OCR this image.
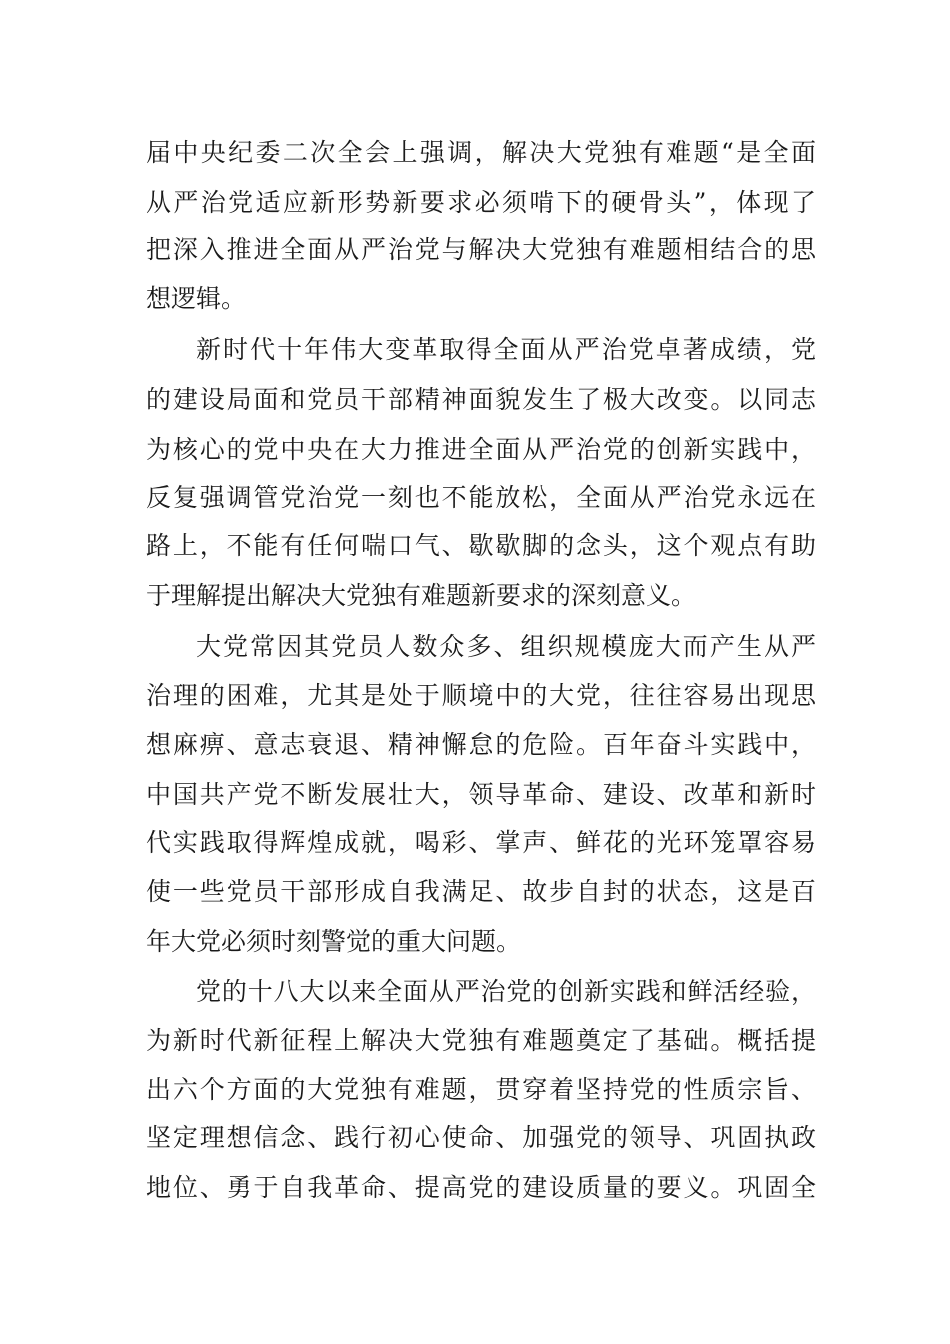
届中央纪委二次全会上强调，解决大党独有难题“是全面
从严治党适应新形势新要求必须啃下的硬骨头”，体现了
把深入推进全面从严治党与解决大党独有难题相结合的思
想逻辑。
新时代十年伟大变革取得全面从严治党卓著成绩，党
的建设局面和党员干部精神面貌发生了极大改变。以同志
为核心的党中央在大力推进全面从严治党的创新实践中，
反复强调管党治党一刻也不能放松，全面从严治党永远在
路上，不能有任何喘口气、歇歇脚的念头，这个观点有助
于理解提出解决大党独有难题新要求的深刻意义。
大党常因其党员人数众多、组织规模庞大而产生从严
治理的困难，尤其是处于顺境中的大党，往往容易出现思
想麻痹、意志衰退、精神懈怠的危险。百年奋斗实践中，
中国共产党不断发展壮大，领导革命、建设、改革和新时
代实践取得辉煌成就，喝彩、掌声、鲜花的光环笼罩容易
使一些党员干部形成自我满足、故步自封的状态，这是百
年大党必须时刻警觉的重大问题。
党的十八大以来全面从严治党的创新实践和鲜活经验，
为新时代新征程上解决大党独有难题奠定了基础。概括提
出六个方面的大党独有难题，贯穿着坚持党的性质宗旨、
坚定理想信念、践行初心使命、加强党的领导、巩固执政
地位、勇于自我革命、提高党的建设质量的要义。巩固全
